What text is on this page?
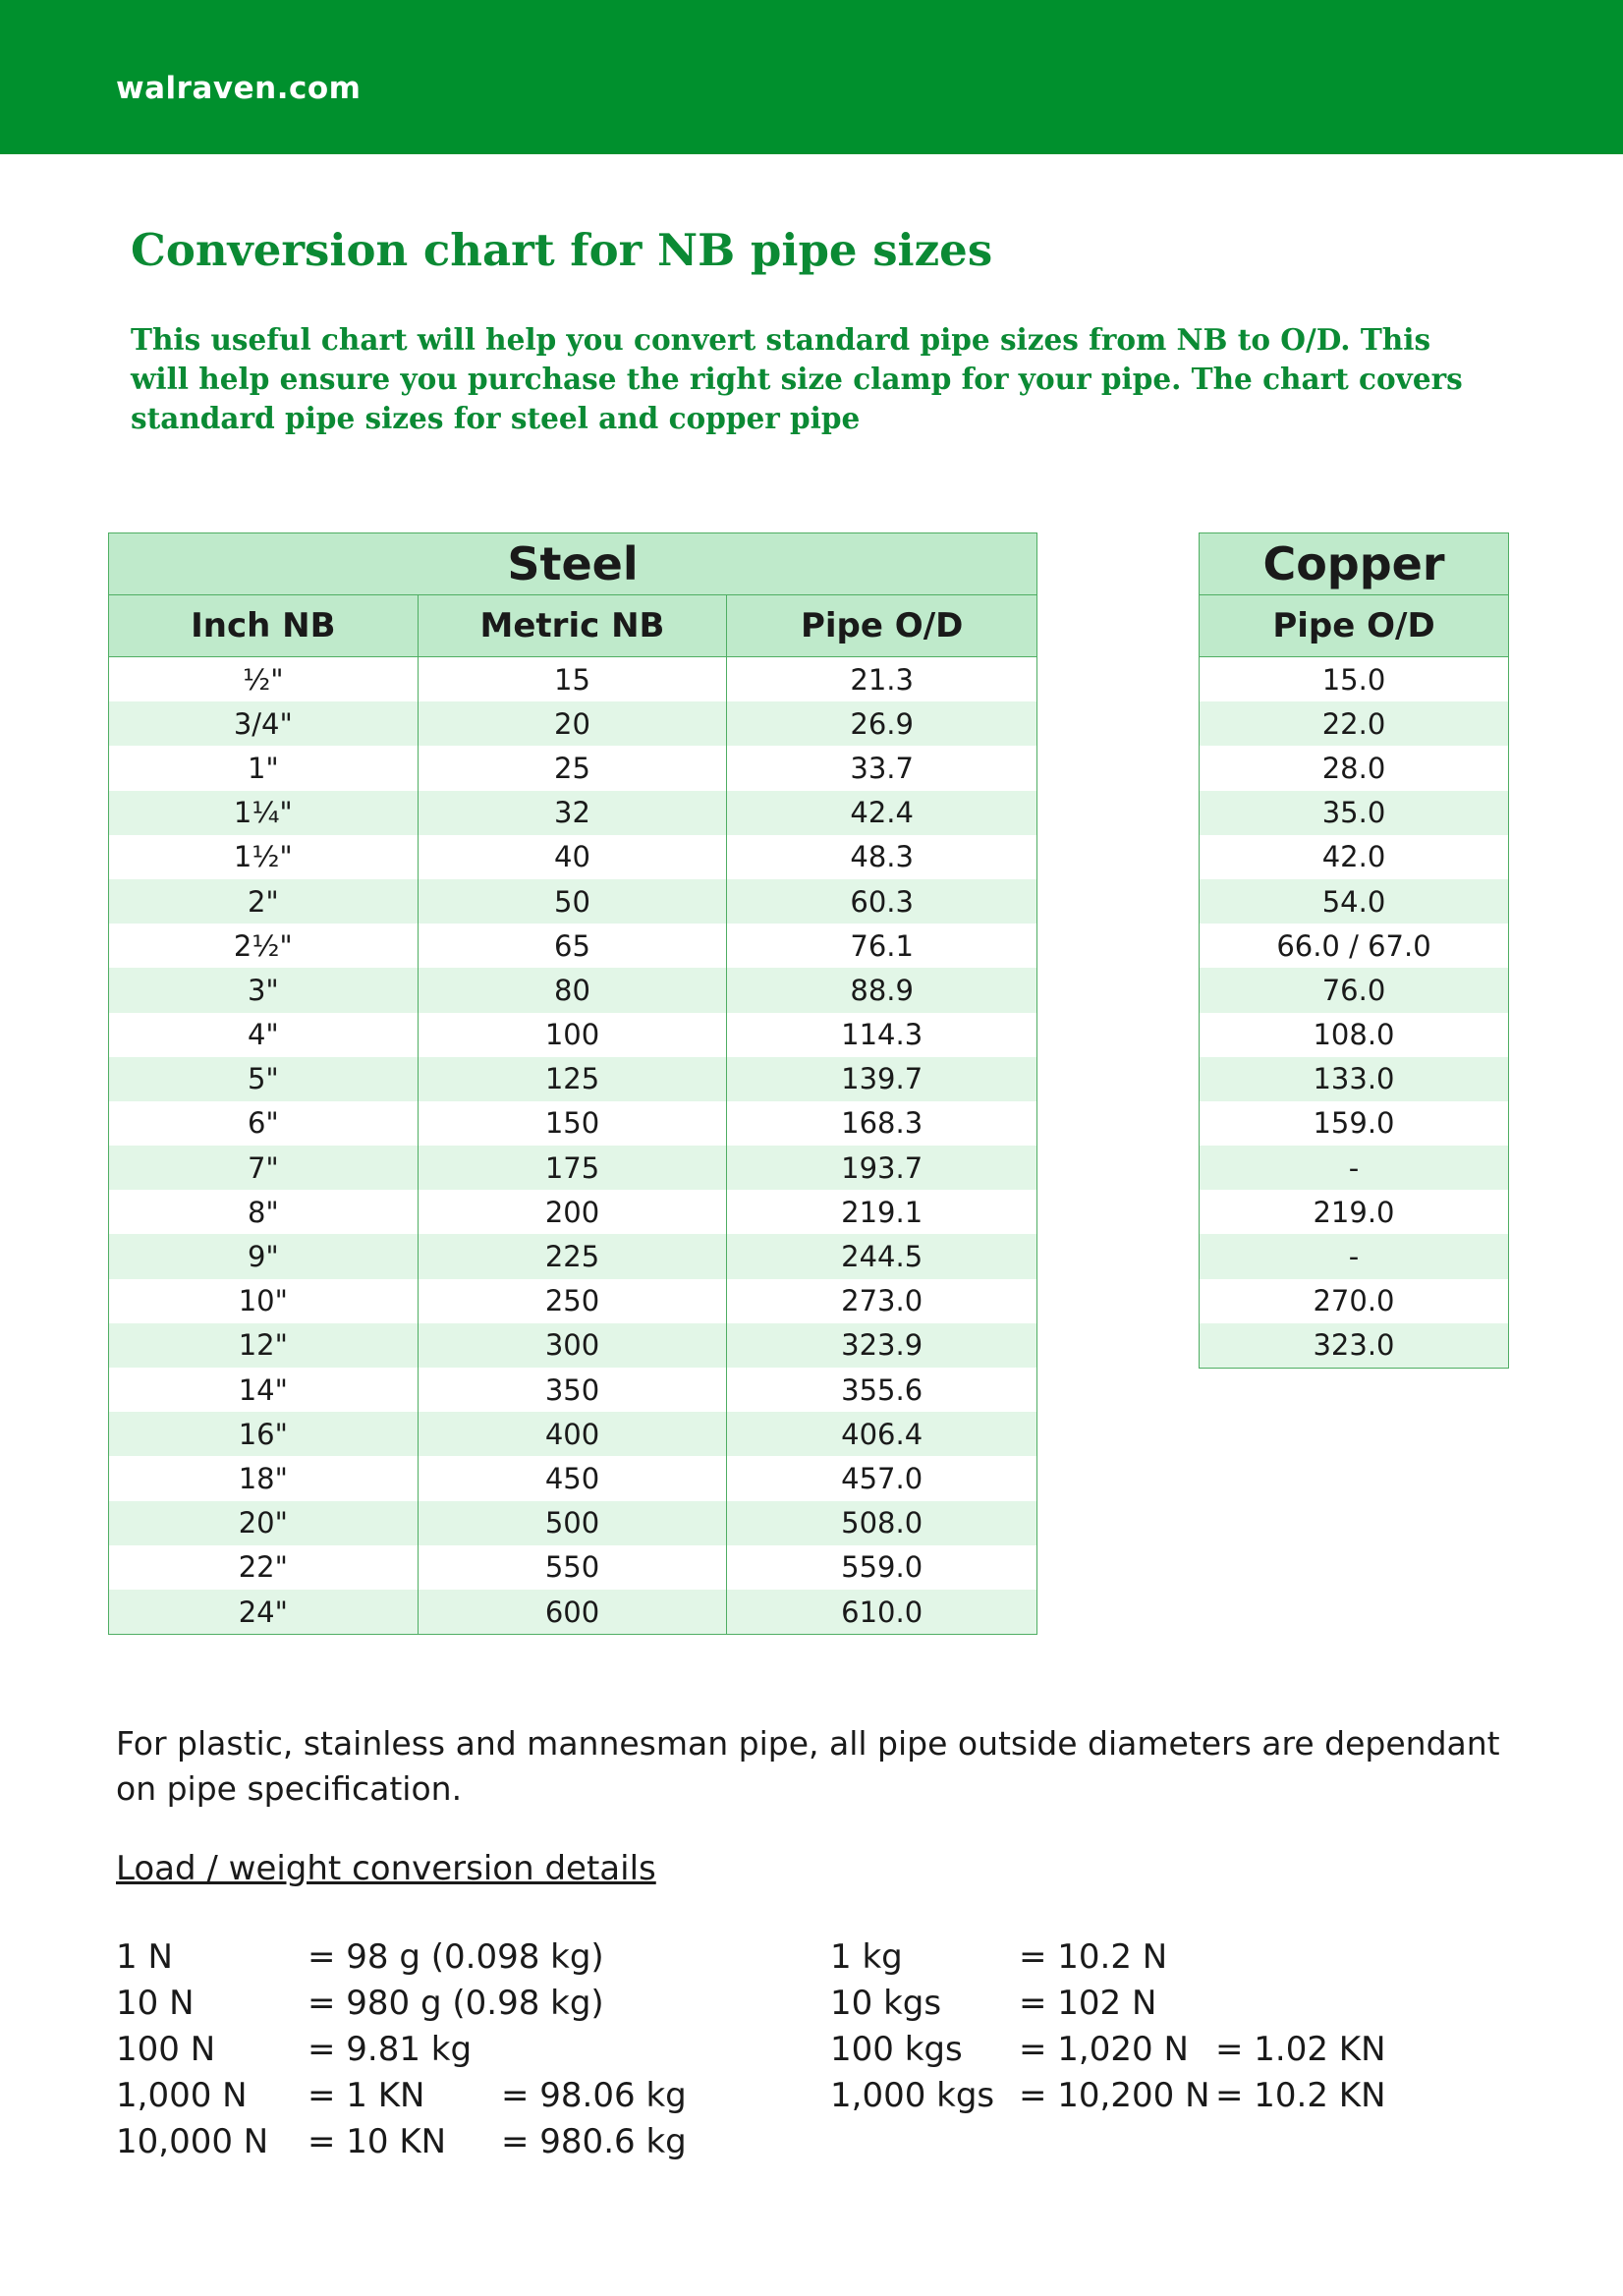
walraven.com
Conversion chart for NB pipe sizes
This useful chart will help you convert standard pipe sizes from NB to O/D. This will help ensure you purchase the right size clamp for your pipe. The chart covers standard pipe sizes for steel and copper pipe
Steel		
Inch NB	Metric NB	Pipe O/D
½"	15	21.3
3/4"	20	26.9
1"	25	33.7
1¼"	32	42.4
1½"	40	48.3
2"	50	60.3
2½"	65	76.1
3"	80	88.9
4"	100	114.3
5"	125	139.7
6"	150	168.3
7"	175	193.7
8"	200	219.1
9"	225	244.5
10"	250	273.0
12"	300	323.9
14"	350	355.6
16"	400	406.4
18"	450	457.0
20"	500	508.0
22"	550	559.0
24"	600	610.0
Copper
Pipe O/D
15.0
22.0
28.0
35.0
42.0
54.0
66.0 / 67.0
76.0
108.0
133.0
159.0
-
219.0
-
270.0
323.0
For plastic, stainless and mannesman pipe, all pipe outside diameters are dependant on pipe specification.
Load / weight conversion details
1 N	= 98 g (0.098 kg)
10 N	= 980 g (0.98 kg)
100 N	= 9.81 kg
1,000 N = 1 KN = 98.06 kg
10,000 N = 10 KN = 980.6 kg
1 kg	= 10.2 N
10 kgs = 102 N
100 kgs = 1,020 N = 1.02 KN
1,000 kgs = 10,200 N = 10.2 KN
